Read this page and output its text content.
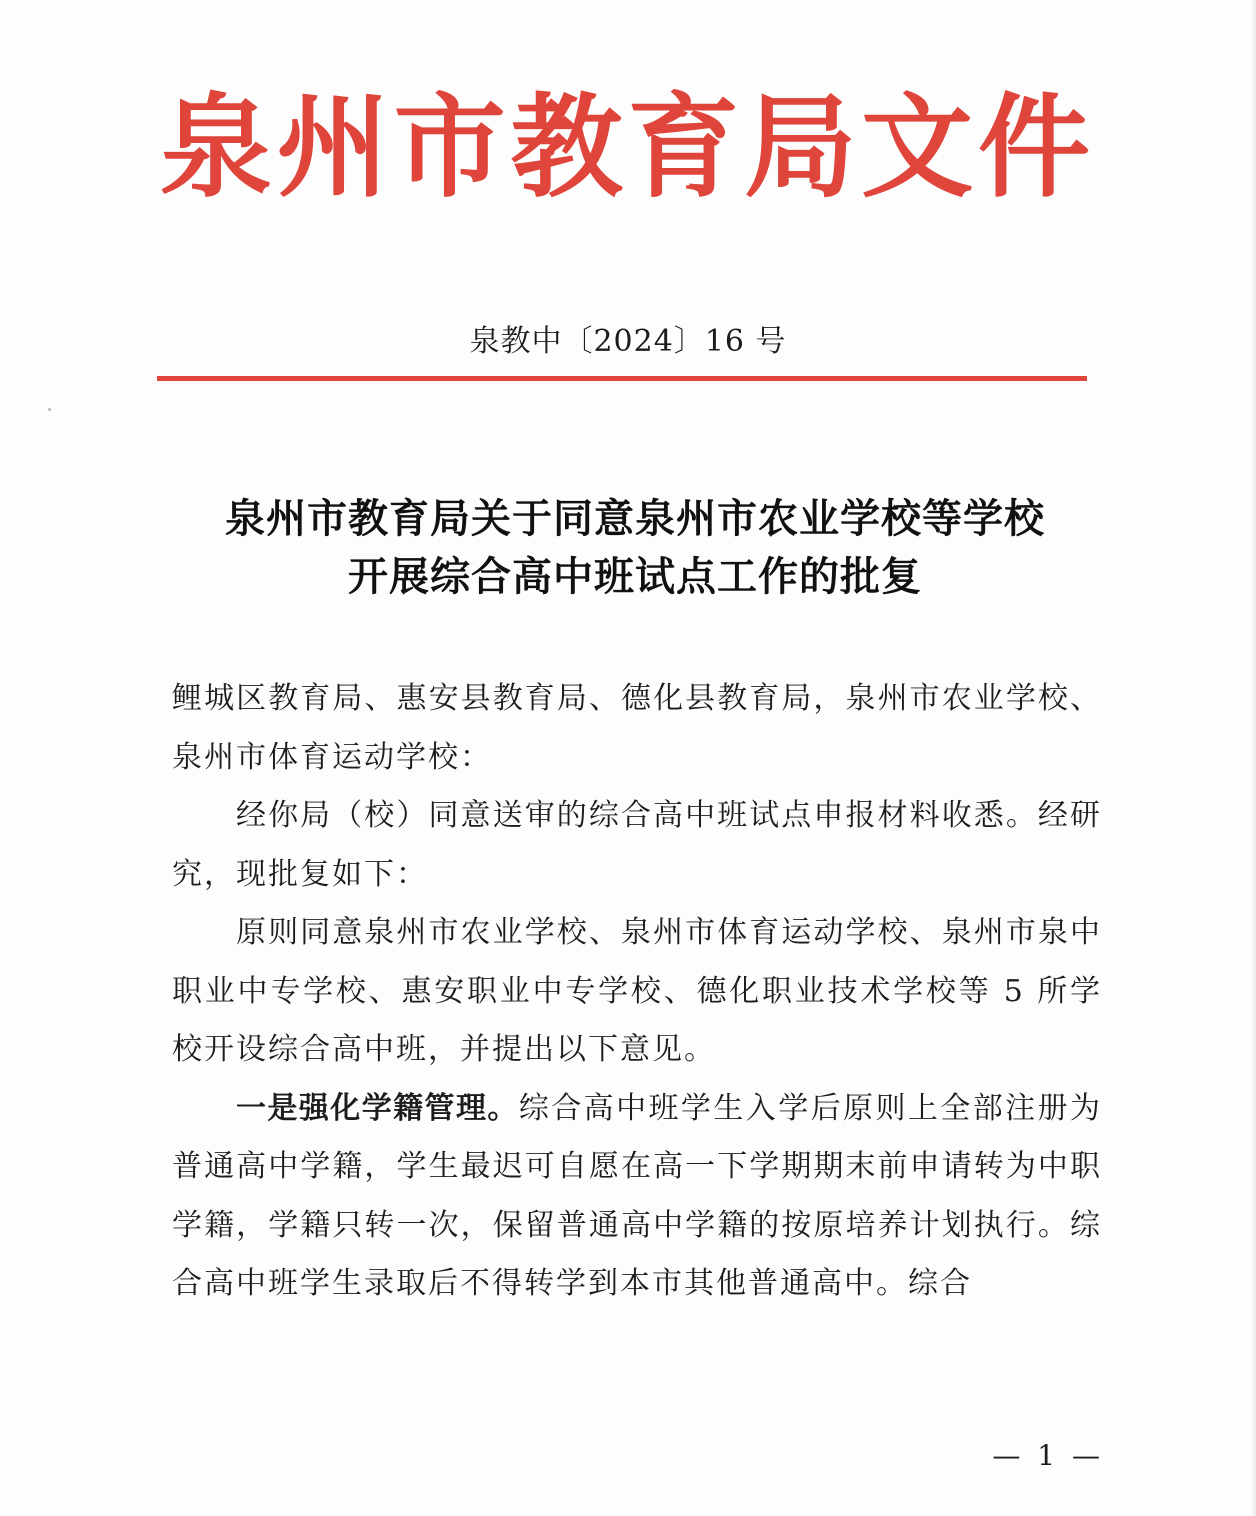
泉州市教育局文件
泉教中〔2024〕16 号
泉州市教育局关于同意泉州市农业学校等学校
开展综合高中班试点工作的批复

鲤城区教育局、惠安县教育局、德化县教育局，泉州市农业学校、泉州市体育运动学校：

经你局（校）同意送审的综合高中班试点申报材料收悉。经研究，现批复如下：

原则同意泉州市农业学校、泉州市体育运动学校、泉州市泉中职业中专学校、惠安职业中专学校、德化职业技术学校等 5 所学校开设综合高中班，并提出以下意见。

一是强化学籍管理。综合高中班学生入学后原则上全部注册为普通高中学籍，学生最迟可自愿在高一下学期期末前申请转为中职学籍，学籍只转一次，保留普通高中学籍的按原培养计划执行。综合高中班学生录取后不得转学到本市其他普通高中。综合

— 1 —
